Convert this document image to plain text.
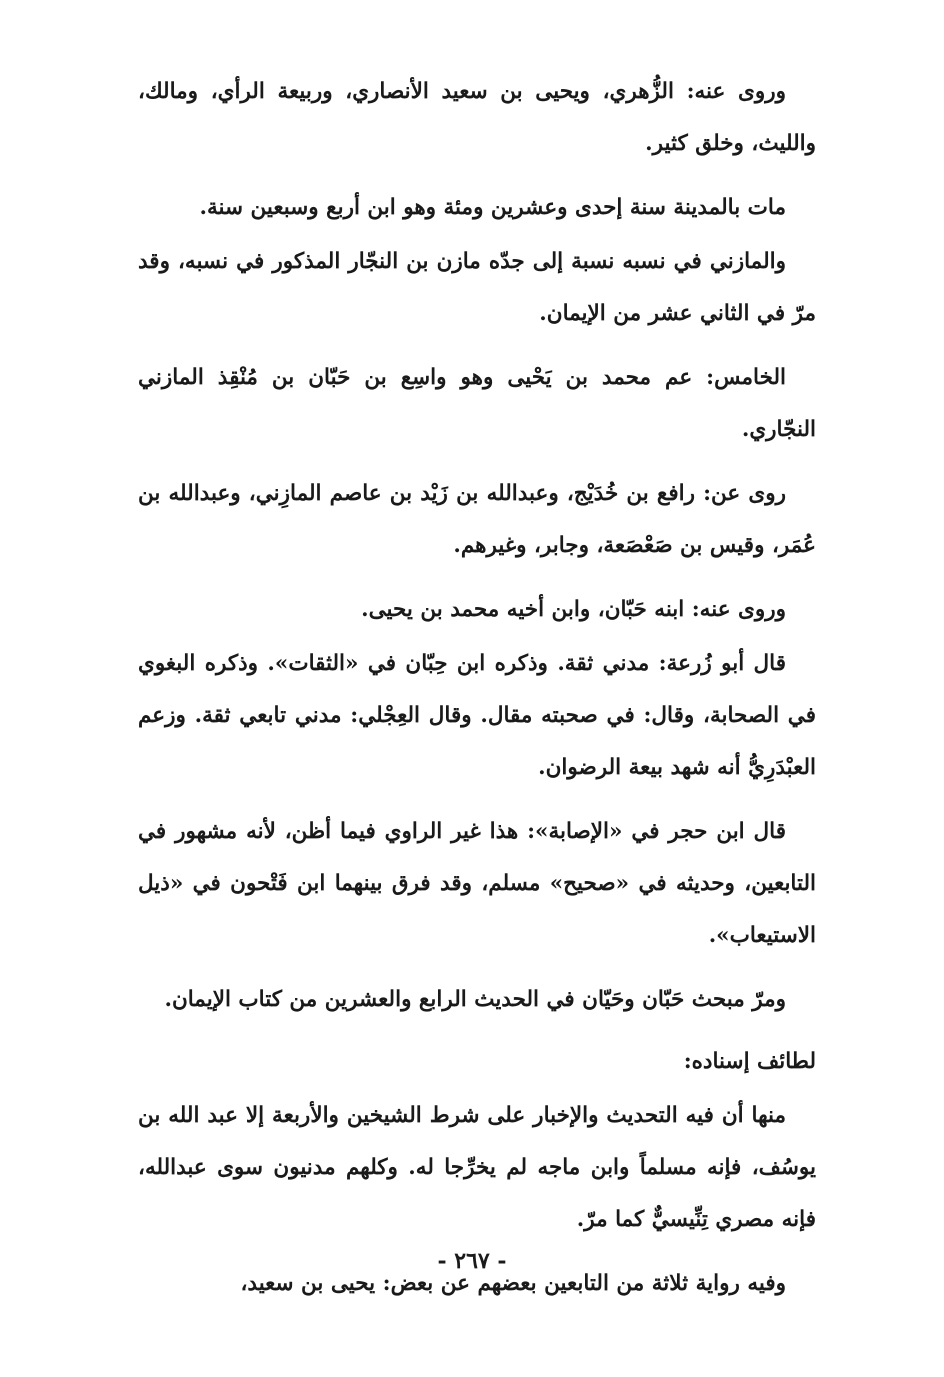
وروى عنه: الزُّهري، ويحيى بن سعيد الأنصاري، وربيعة الرأي، ومالك، والليث، وخلق كثير.

مات بالمدينة سنة إحدى وعشرين ومئة وهو ابن أربع وسبعين سنة.

والمازني في نسبه نسبة إلى جدّه مازن بن النجّار المذكور في نسبه، وقد مرّ في الثاني عشر من الإيمان.

الخامس: عم محمد بن يَحْيى وهو واسِع بن حَبّان بن مُنْقِذ المازني النجّاري.

روى عن: رافع بن خُدَيْج، وعبدالله بن زَيْد بن عاصم المازِني، وعبدالله بن عُمَر، وقيس بن صَعْصَعة، وجابر، وغيرهم.

وروى عنه: ابنه حَبّان، وابن أخيه محمد بن يحيى.

قال أبو زُرعة: مدني ثقة. وذكره ابن حِبّان في «الثقات». وذكره البغوي في الصحابة، وقال: في صحبته مقال. وقال العِجْلي: مدني تابعي ثقة. وزعم العبْدَرِيُّ أنه شهد بيعة الرضوان.

قال ابن حجر في «الإصابة»: هذا غير الراوي فيما أظن، لأنه مشهور في التابعين، وحديثه في «صحيح» مسلم، وقد فرق بينهما ابن فَتْحون في «ذيل الاستيعاب».

ومرّ مبحث حَبّان وحَيّان في الحديث الرابع والعشرين من كتاب الإيمان.

لطائف إسناده:

منها أن فيه التحديث والإخبار على شرط الشيخين والأربعة إلا عبد الله بن يوسُف، فإنه مسلماً وابن ماجه لم يخرِّجا له. وكلهم مدنيون سوى عبدالله، فإنه مصري تِنِّيسيٌّ كما مرّ.

وفيه رواية ثلاثة من التابعين بعضهم عن بعض: يحيى بن سعيد،

- ٢٦٧ -
